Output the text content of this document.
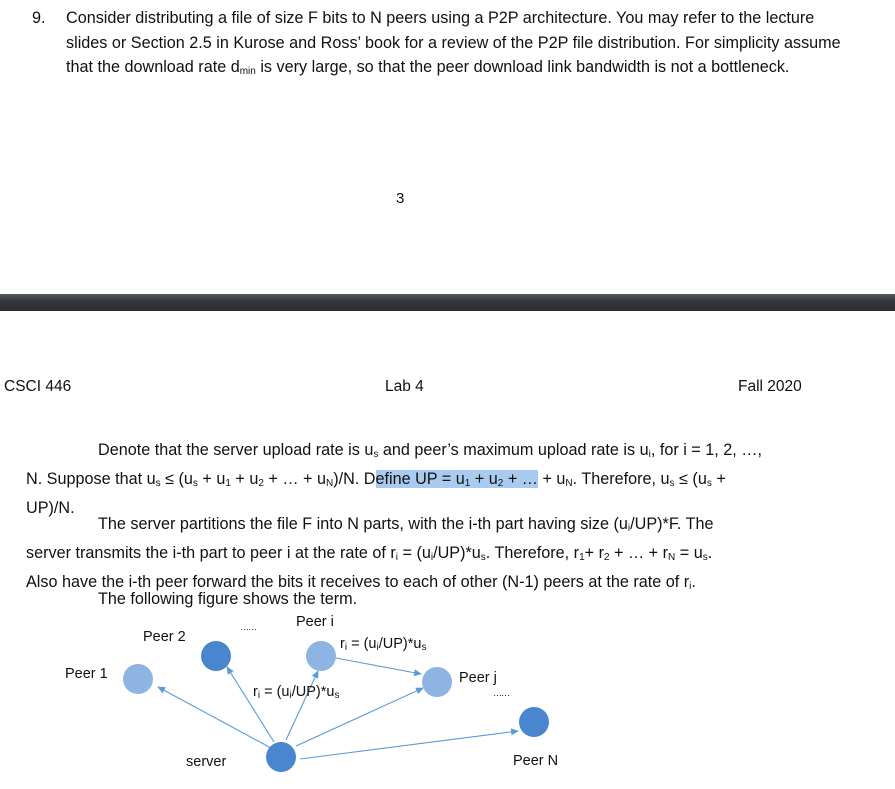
9.	Consider distributing a file of size F bits to N peers using a P2P architecture. You may refer to the lecture slides or Section 2.5 in Kurose and Ross’ book for a review of the P2P file distribution. For simplicity assume that the download rate $d_{min}$ is very large, so that the peer download link bandwidth is not a bottleneck.

3
CSCI 446	Lab 4	Fall 2020

Denote that the server upload rate is $u_s$ and peer’s maximum upload rate is $u_i$, for i = 1, 2, …,
N. Suppose that $u_s \le (u_s + u_1 + u_2$ + … + $u_N)/N$. Define UP = $u_1 + u_2$ + … + $u_N$. Therefore, $u_s \le (u_s$ +
UP)/N.

The server partitions the file F into N parts, with the i-th part having size $(u_i/UP)*F$. The
server transmits the i-th part to peer i at the rate of $r_i = (u_i/UP)*u_s$. Therefore, $r_1+ r_2$ + … + $r_N = u_s$.
Also have the i-th peer forward the bits it receives to each of other (N-1) peers at the rate of $r_i$.

The following figure shows the term.

Peer 1
Peer 2
Peer i
Peer j
Peer N
server
……
……
$r_i = (u_i/UP)*u_s$
$r_i = (u_i/UP)*u_s$
